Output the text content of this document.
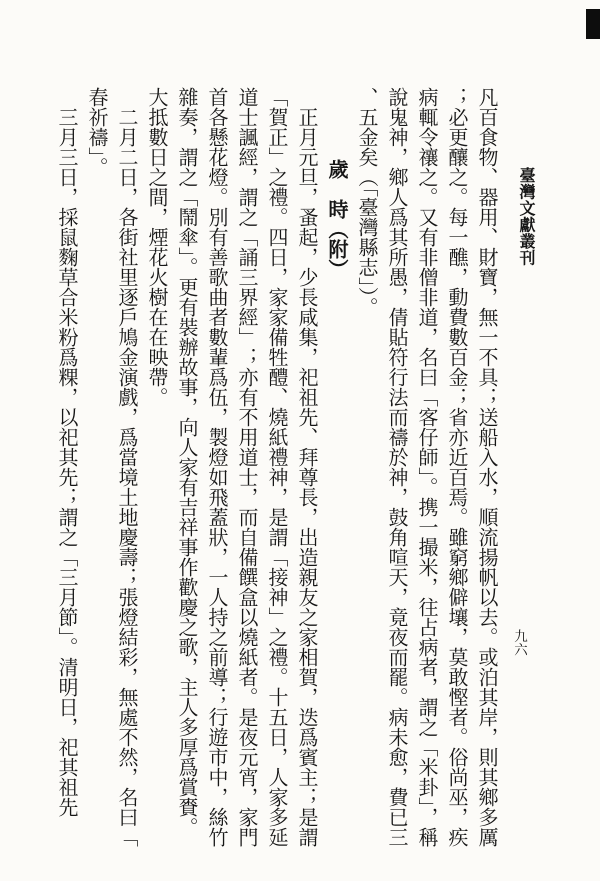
臺灣文獻叢刊
九六

凡百食物、器用、財寶，無一不具；送船入水，順流揚帆以去。或泊其岸，則其鄉多厲；必更釀之。每一醮，動費數百金；省亦近百焉。雖窮鄉僻壤，莫敢慳者。俗尚巫，疾病輒令禳之。又有非僧非道，名曰「客仔師」。携一撮米，往占病者，謂之「米卦」，稱說鬼神，鄉人爲其所愚，倩貼符行法而禱於神，鼓角喧天，竟夜而罷。病未愈，費已三、五金矣（「臺灣縣志」）。

歲　時（附）

正月元旦，蚤起，少長咸集，祀祖先、拜尊長，出造親友之家相賀，迭爲賓主；是謂「賀正」之禮。四日，家家備牲醴、燒紙禮神，是謂「接神」之禮。十五日，人家多延道士諷經，謂之「誦三界經」；亦有不用道士，而自備饌盒以燒紙者。是夜元宵，家門首各懸花燈。別有善歌曲者數輩爲伍，製燈如飛蓋狀，一人持之前導；行遊市中，絲竹雜奏，謂之「鬧傘」。更有裝辦故事，向人家有吉祥事作歡慶之歌，主人多厚爲賞賚。大抵數日之間，煙花火樹在在映帶。

二月二日，各街社里逐戶鳩金演戲，爲當境土地慶壽；張燈結彩，無處不然，名曰「春祈禱」。

三月三日，採鼠麴草合米粉爲粿，以祀其先；謂之「三月節」。清明日，祀其祖先
